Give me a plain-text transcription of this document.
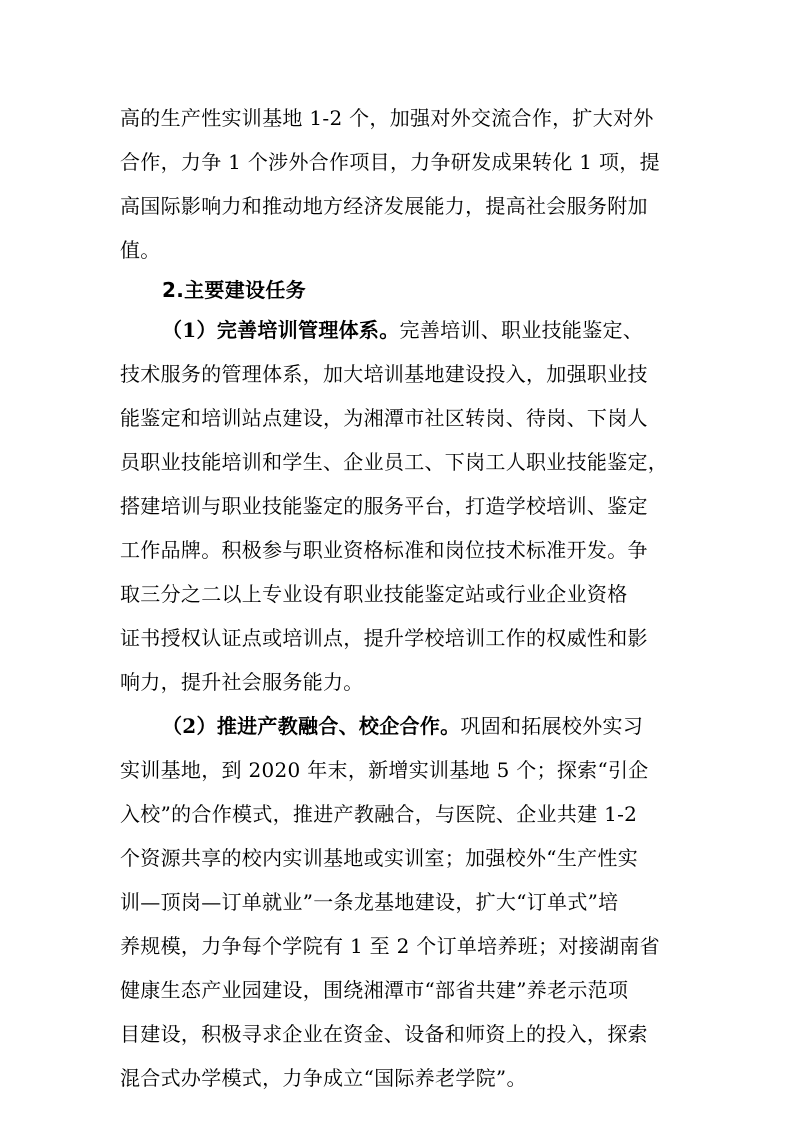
高的生产性实训基地 1-2 个，加强对外交流合作，扩大对外
合作，力争 1 个涉外合作项目，力争研发成果转化 1 项，提
高国际影响力和推动地方经济发展能力，提高社会服务附加
值。
2.主要建设任务
（1）完善培训管理体系。完善培训、职业技能鉴定、
技术服务的管理体系，加大培训基地建设投入，加强职业技
能鉴定和培训站点建设，为湘潭市社区转岗、待岗、下岗人
员职业技能培训和学生、企业员工、下岗工人职业技能鉴定，
搭建培训与职业技能鉴定的服务平台，打造学校培训、鉴定
工作品牌。积极参与职业资格标准和岗位技术标准开发。争
取三分之二以上专业设有职业技能鉴定站或行业企业资格
证书授权认证点或培训点，提升学校培训工作的权威性和影
响力，提升社会服务能力。
（2）推进产教融合、校企合作。巩固和拓展校外实习
实训基地，到 2020 年末，新增实训基地 5 个；探索“引企
入校”的合作模式，推进产教融合，与医院、企业共建 1-2
个资源共享的校内实训基地或实训室；加强校外“生产性实
训—顶岗—订单就业”一条龙基地建设，扩大“订单式”培
养规模，力争每个学院有 1 至 2 个订单培养班；对接湖南省
健康生态产业园建设，围绕湘潭市“部省共建”养老示范项
目建设，积极寻求企业在资金、设备和师资上的投入，探索
混合式办学模式，力争成立“国际养老学院”。
